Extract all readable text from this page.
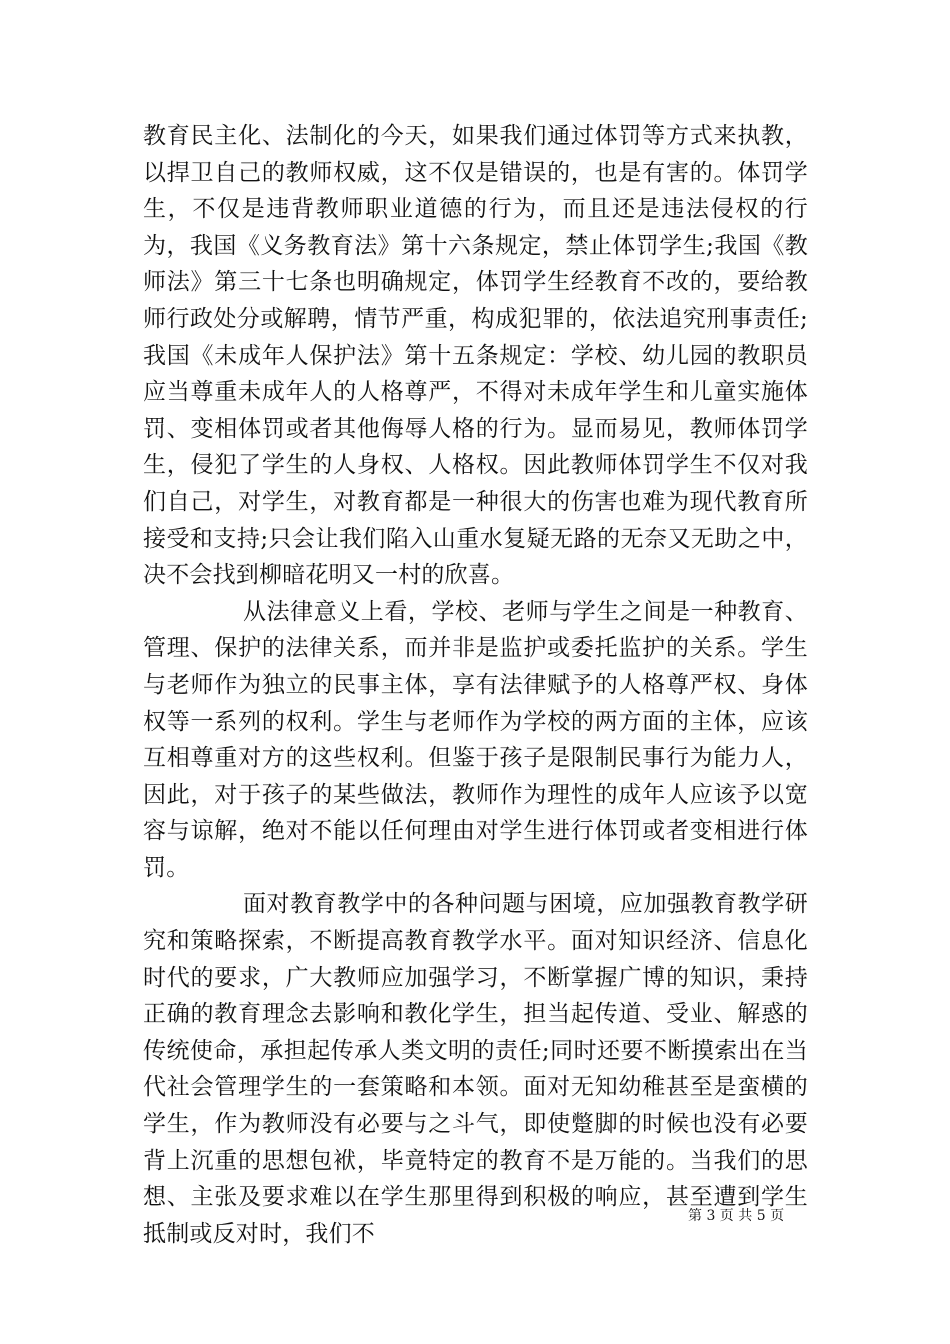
教育民主化、法制化的今天，如果我们通过体罚等方式来执教，以捍卫自己的教师权威，这不仅是错误的，也是有害的。体罚学生，不仅是违背教师职业道德的行为，而且还是违法侵权的行为，我国《义务教育法》第十六条规定，禁止体罚学生;我国《教师法》第三十七条也明确规定，体罚学生经教育不改的，要给教师行政处分或解聘，情节严重，构成犯罪的，依法追究刑事责任;我国《未成年人保护法》第十五条规定：学校、幼儿园的教职员应当尊重未成年人的人格尊严，不得对未成年学生和儿童实施体罚、变相体罚或者其他侮辱人格的行为。显而易见，教师体罚学生，侵犯了学生的人身权、人格权。因此教师体罚学生不仅对我们自己，对学生，对教育都是一种很大的伤害也难为现代教育所接受和支持;只会让我们陷入山重水复疑无路的无奈又无助之中，决不会找到柳暗花明又一村的欣喜。

从法律意义上看，学校、老师与学生之间是一种教育、管理、保护的法律关系，而并非是监护或委托监护的关系。学生与老师作为独立的民事主体，享有法律赋予的人格尊严权、身体权等一系列的权利。学生与老师作为学校的两方面的主体，应该互相尊重对方的这些权利。但鉴于孩子是限制民事行为能力人，因此，对于孩子的某些做法，教师作为理性的成年人应该予以宽容与谅解，绝对不能以任何理由对学生进行体罚或者变相进行体罚。

面对教育教学中的各种问题与困境，应加强教育教学研究和策略探索，不断提高教育教学水平。面对知识经济、信息化时代的要求，广大教师应加强学习，不断掌握广博的知识，秉持正确的教育理念去影响和教化学生，担当起传道、受业、解惑的传统使命，承担起传承人类文明的责任;同时还要不断摸索出在当代社会管理学生的一套策略和本领。面对无知幼稚甚至是蛮横的学生，作为教师没有必要与之斗气，即使蹩脚的时候也没有必要背上沉重的思想包袱，毕竟特定的教育不是万能的。当我们的思想、主张及要求难以在学生那里得到积极的响应，甚至遭到学生抵制或反对时，我们不

第 3 页 共 5 页
